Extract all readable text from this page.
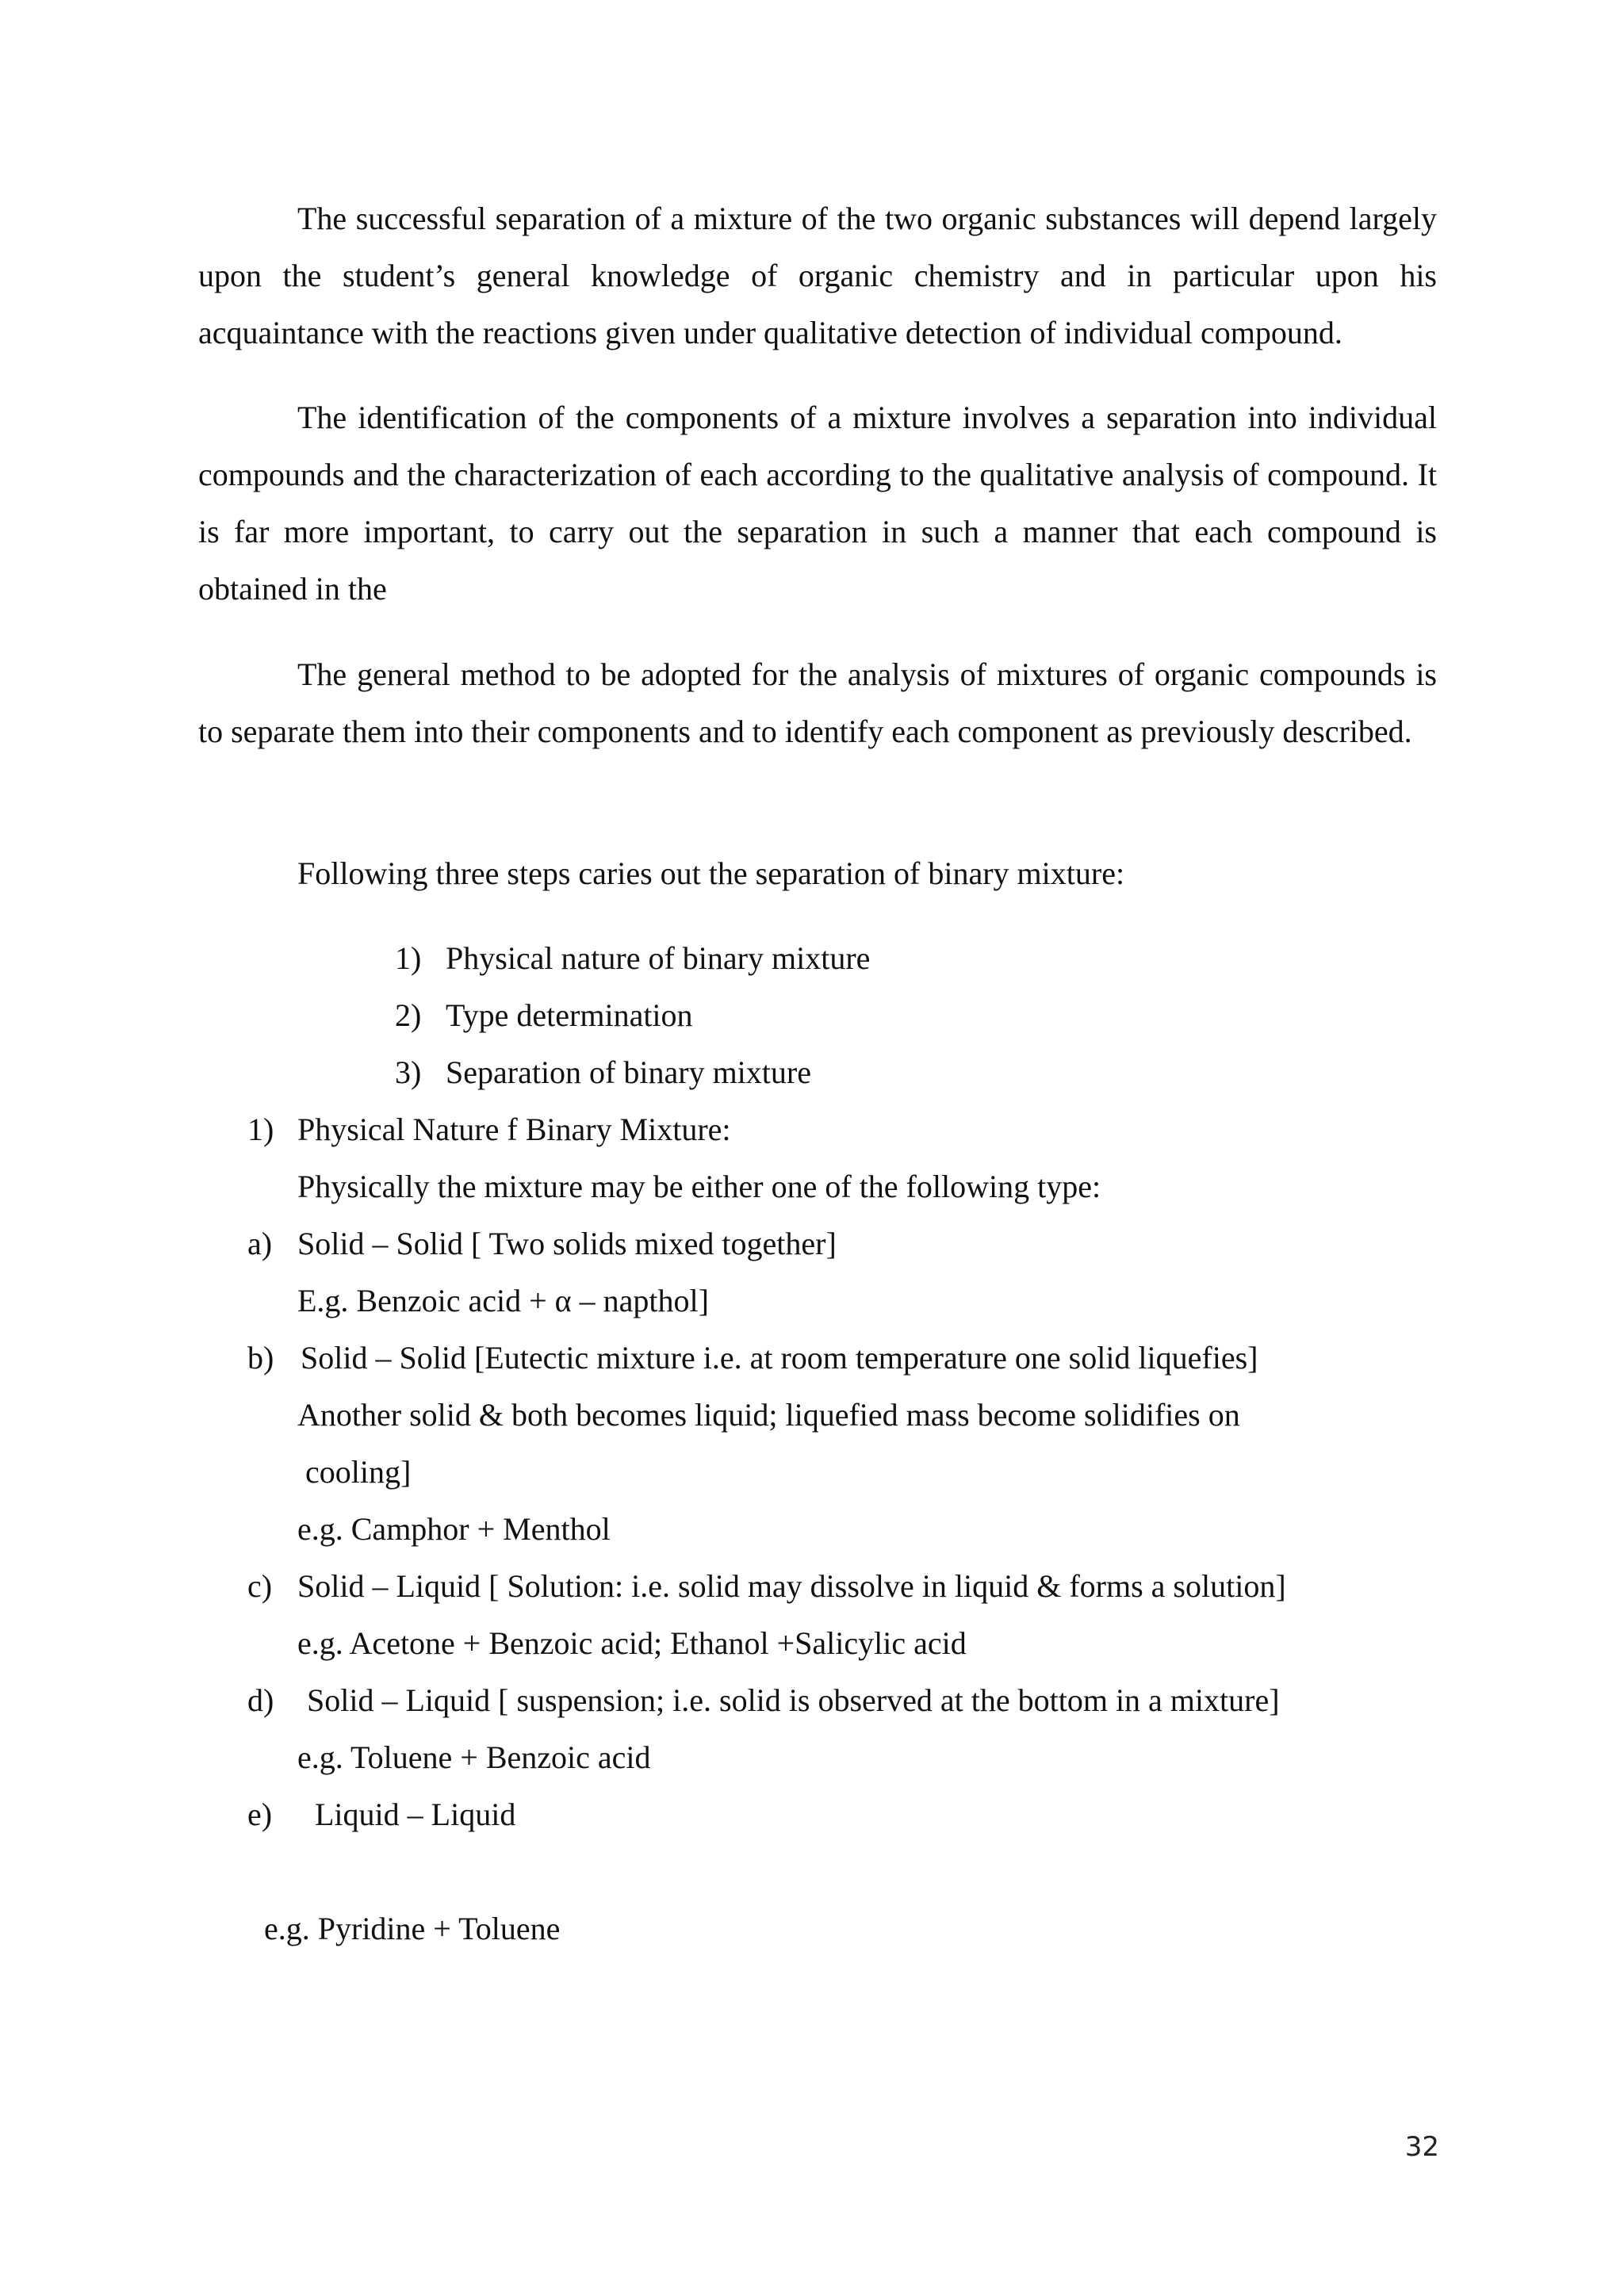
The successful separation of a mixture of the two organic substances will depend largely upon the student’s general knowledge of organic chemistry and in particular upon his acquaintance with the reactions given under qualitative detection of individual compound.

The identification of the components of a mixture involves a separation into individual compounds and the characterization of each according to the qualitative analysis of compound. It is far more important, to carry out the separation in such a manner that each compound is obtained in the

The general method to be adopted for the analysis of mixtures of organic compounds is to separate them into their components and to identify each component as previously described.

Following three steps caries out the separation of binary mixture:
1) Physical nature of binary mixture
2) Type determination
3) Separation of binary mixture
1) Physical Nature f Binary Mixture:
Physically the mixture may be either one of the following type:
a) Solid – Solid [ Two solids mixed together]
E.g. Benzoic acid + α – napthol]
b) Solid – Solid [Eutectic mixture i.e. at room temperature one solid liquefies]
Another solid & both becomes liquid; liquefied mass become solidifies on
cooling]
e.g. Camphor + Menthol
c) Solid – Liquid [ Solution: i.e. solid may dissolve in liquid & forms a solution]
e.g. Acetone + Benzoic acid; Ethanol +Salicylic acid
d) Solid – Liquid [ suspension; i.e. solid is observed at the bottom in a mixture]
e.g. Toluene + Benzoic acid
e) Liquid – Liquid
e.g. Pyridine + Toluene
32
